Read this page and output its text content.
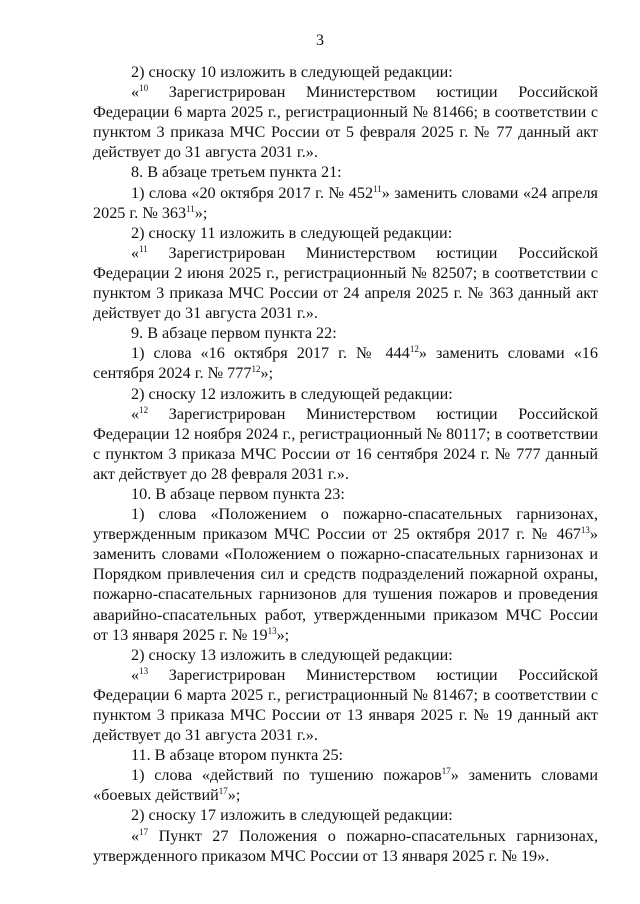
3

2) сноску 10 изложить в следующей редакции:

«$^{10}$ Зарегистрирован Министерством юстиции Российской Федерации 6 марта 2025 г., регистрационный № 81466; в соответствии с пунктом 3 приказа МЧС России от 5 февраля 2025 г. № 77 данный акт действует до 31 августа 2031 г.».

8. В абзаце третьем пункта 21:

1) слова «20 октября 2017 г. № $452^{11}$» заменить словами «24 апреля 2025 г. № $363^{11}$»;

2) сноску 11 изложить в следующей редакции:

«$^{11}$ Зарегистрирован Министерством юстиции Российской Федерации 2 июня 2025 г., регистрационный № 82507; в соответствии с пунктом 3 приказа МЧС России от 24 апреля 2025 г. № 363 данный акт действует до 31 августа 2031 г.».

9. В абзаце первом пункта 22:

1) слова «16 октября 2017 г. № $444^{12}$» заменить словами «16 сентября 2024 г. № $777^{12}$»;

2) сноску 12 изложить в следующей редакции:

«$^{12}$ Зарегистрирован Министерством юстиции Российской Федерации 12 ноября 2024 г., регистрационный № 80117; в соответствии с пунктом 3 приказа МЧС России от 16 сентября 2024 г. № 777 данный акт действует до 28 февраля 2031 г.».

10. В абзаце первом пункта 23:

1) слова «Положением о пожарно-спасательных гарнизонах, утвержденным приказом МЧС России от 25 октября 2017 г. № $467^{13}$» заменить словами «Положением о пожарно-спасательных гарнизонах и Порядком привлечения сил и средств подразделений пожарной охраны, пожарно-спасательных гарнизонов для тушения пожаров и проведения аварийно-спасательных работ, утвержденными приказом МЧС России от 13 января 2025 г. № $19^{13}$»;

2) сноску 13 изложить в следующей редакции:

«$^{13}$ Зарегистрирован Министерством юстиции Российской Федерации 6 марта 2025 г., регистрационный № 81467; в соответствии с пунктом 3 приказа МЧС России от 13 января 2025 г. № 19 данный акт действует до 31 августа 2031 г.».

11. В абзаце втором пункта 25:

1) слова «действий по тушению пожаров$^{17}$» заменить словами «боевых действий$^{17}$»;

2) сноску 17 изложить в следующей редакции:

«$^{17}$ Пункт 27 Положения о пожарно-спасательных гарнизонах, утвержденного приказом МЧС России от 13 января 2025 г. № 19».
